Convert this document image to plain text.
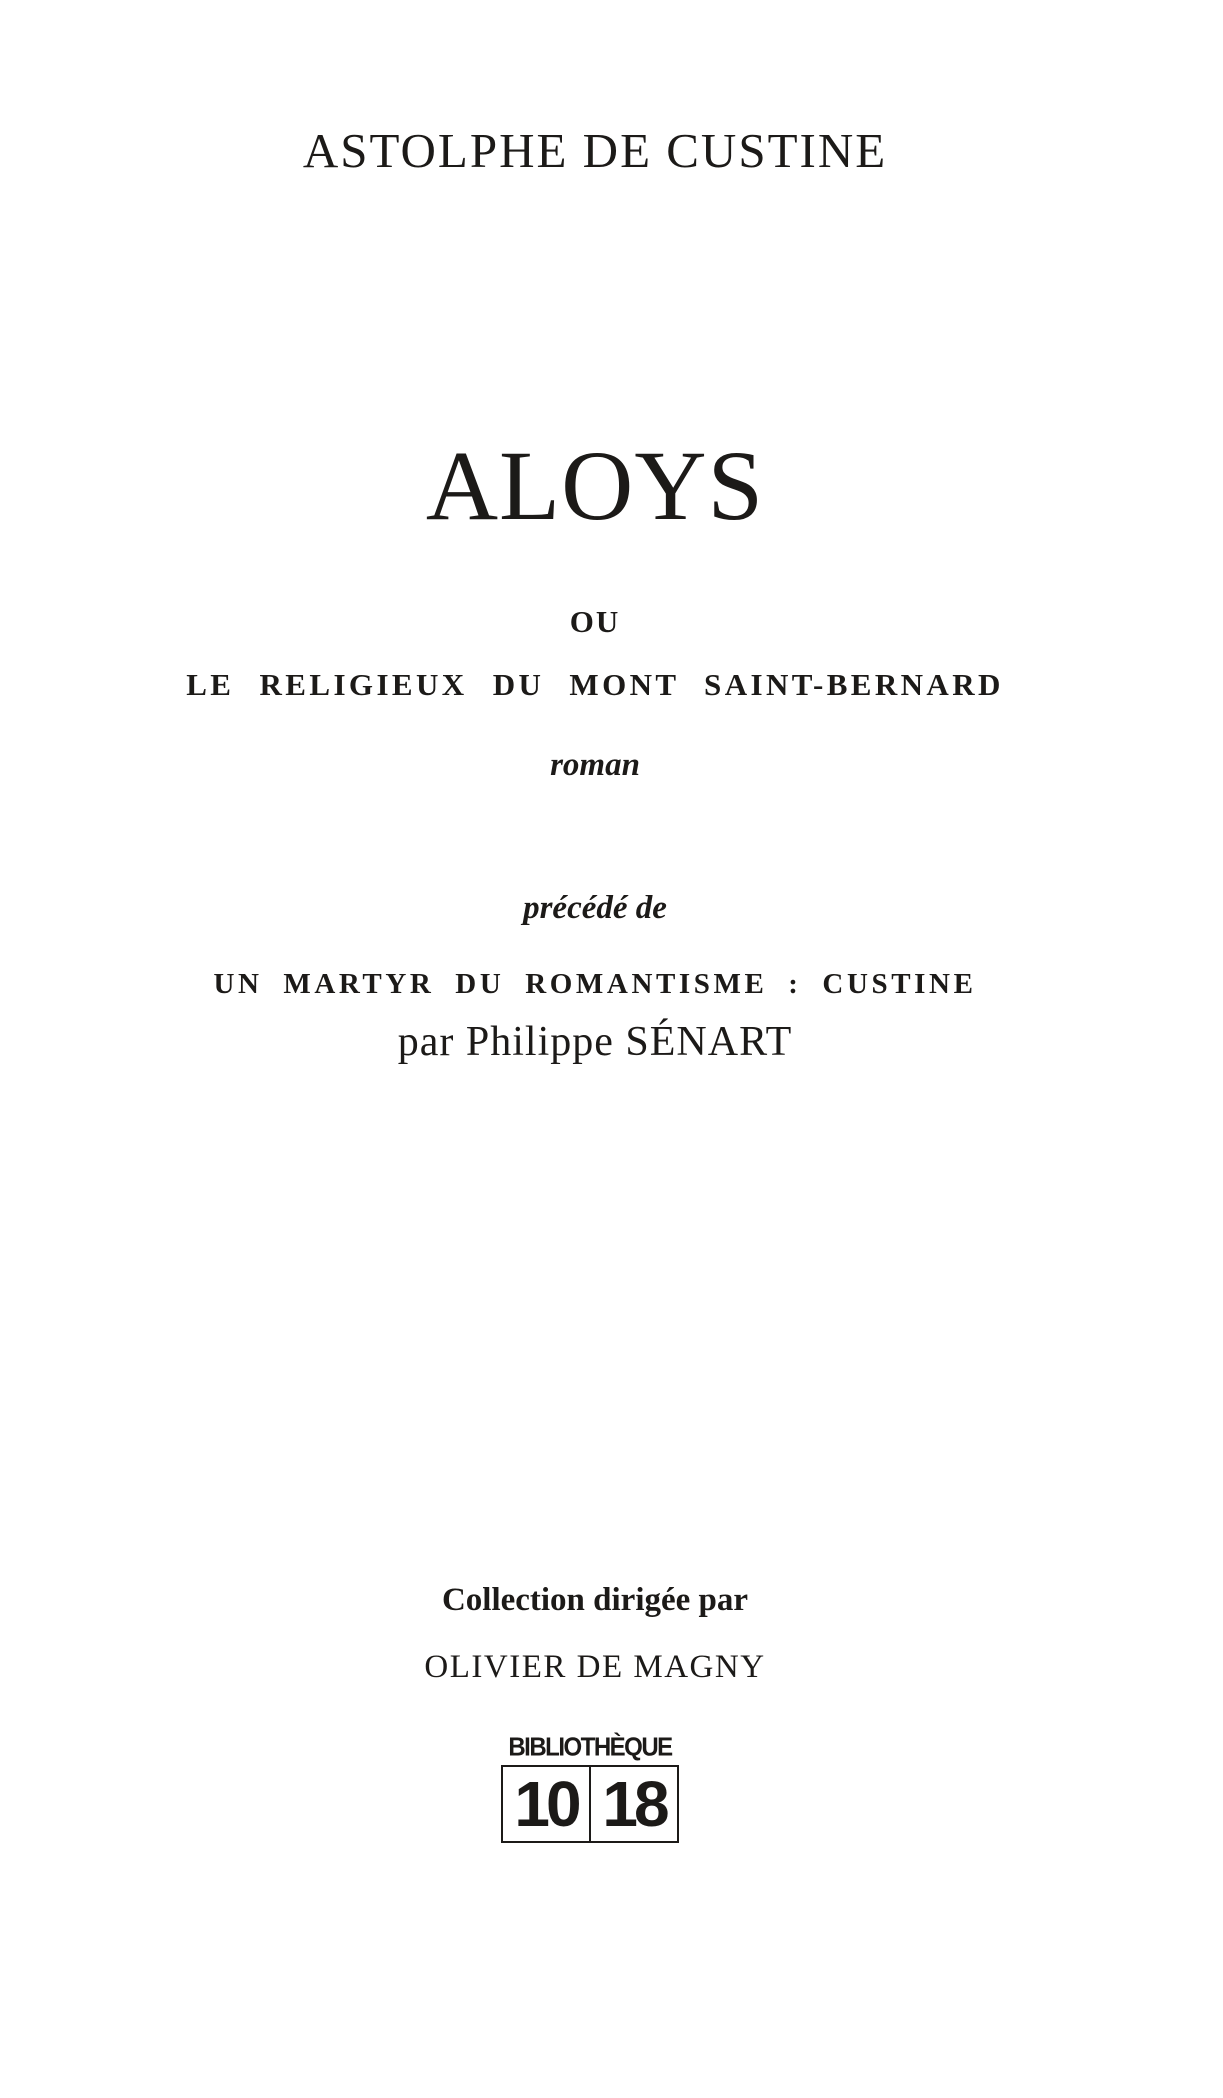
ASTOLPHE DE CUSTINE
ALOYS
OU
LE RELIGIEUX DU MONT SAINT-BERNARD
roman
précédé de
UN MARTYR DU ROMANTISME : CUSTINE
par Philippe SÉNART
Collection dirigée par
OLIVIER DE MAGNY
BIBLIOTHÈQUE
10 18
